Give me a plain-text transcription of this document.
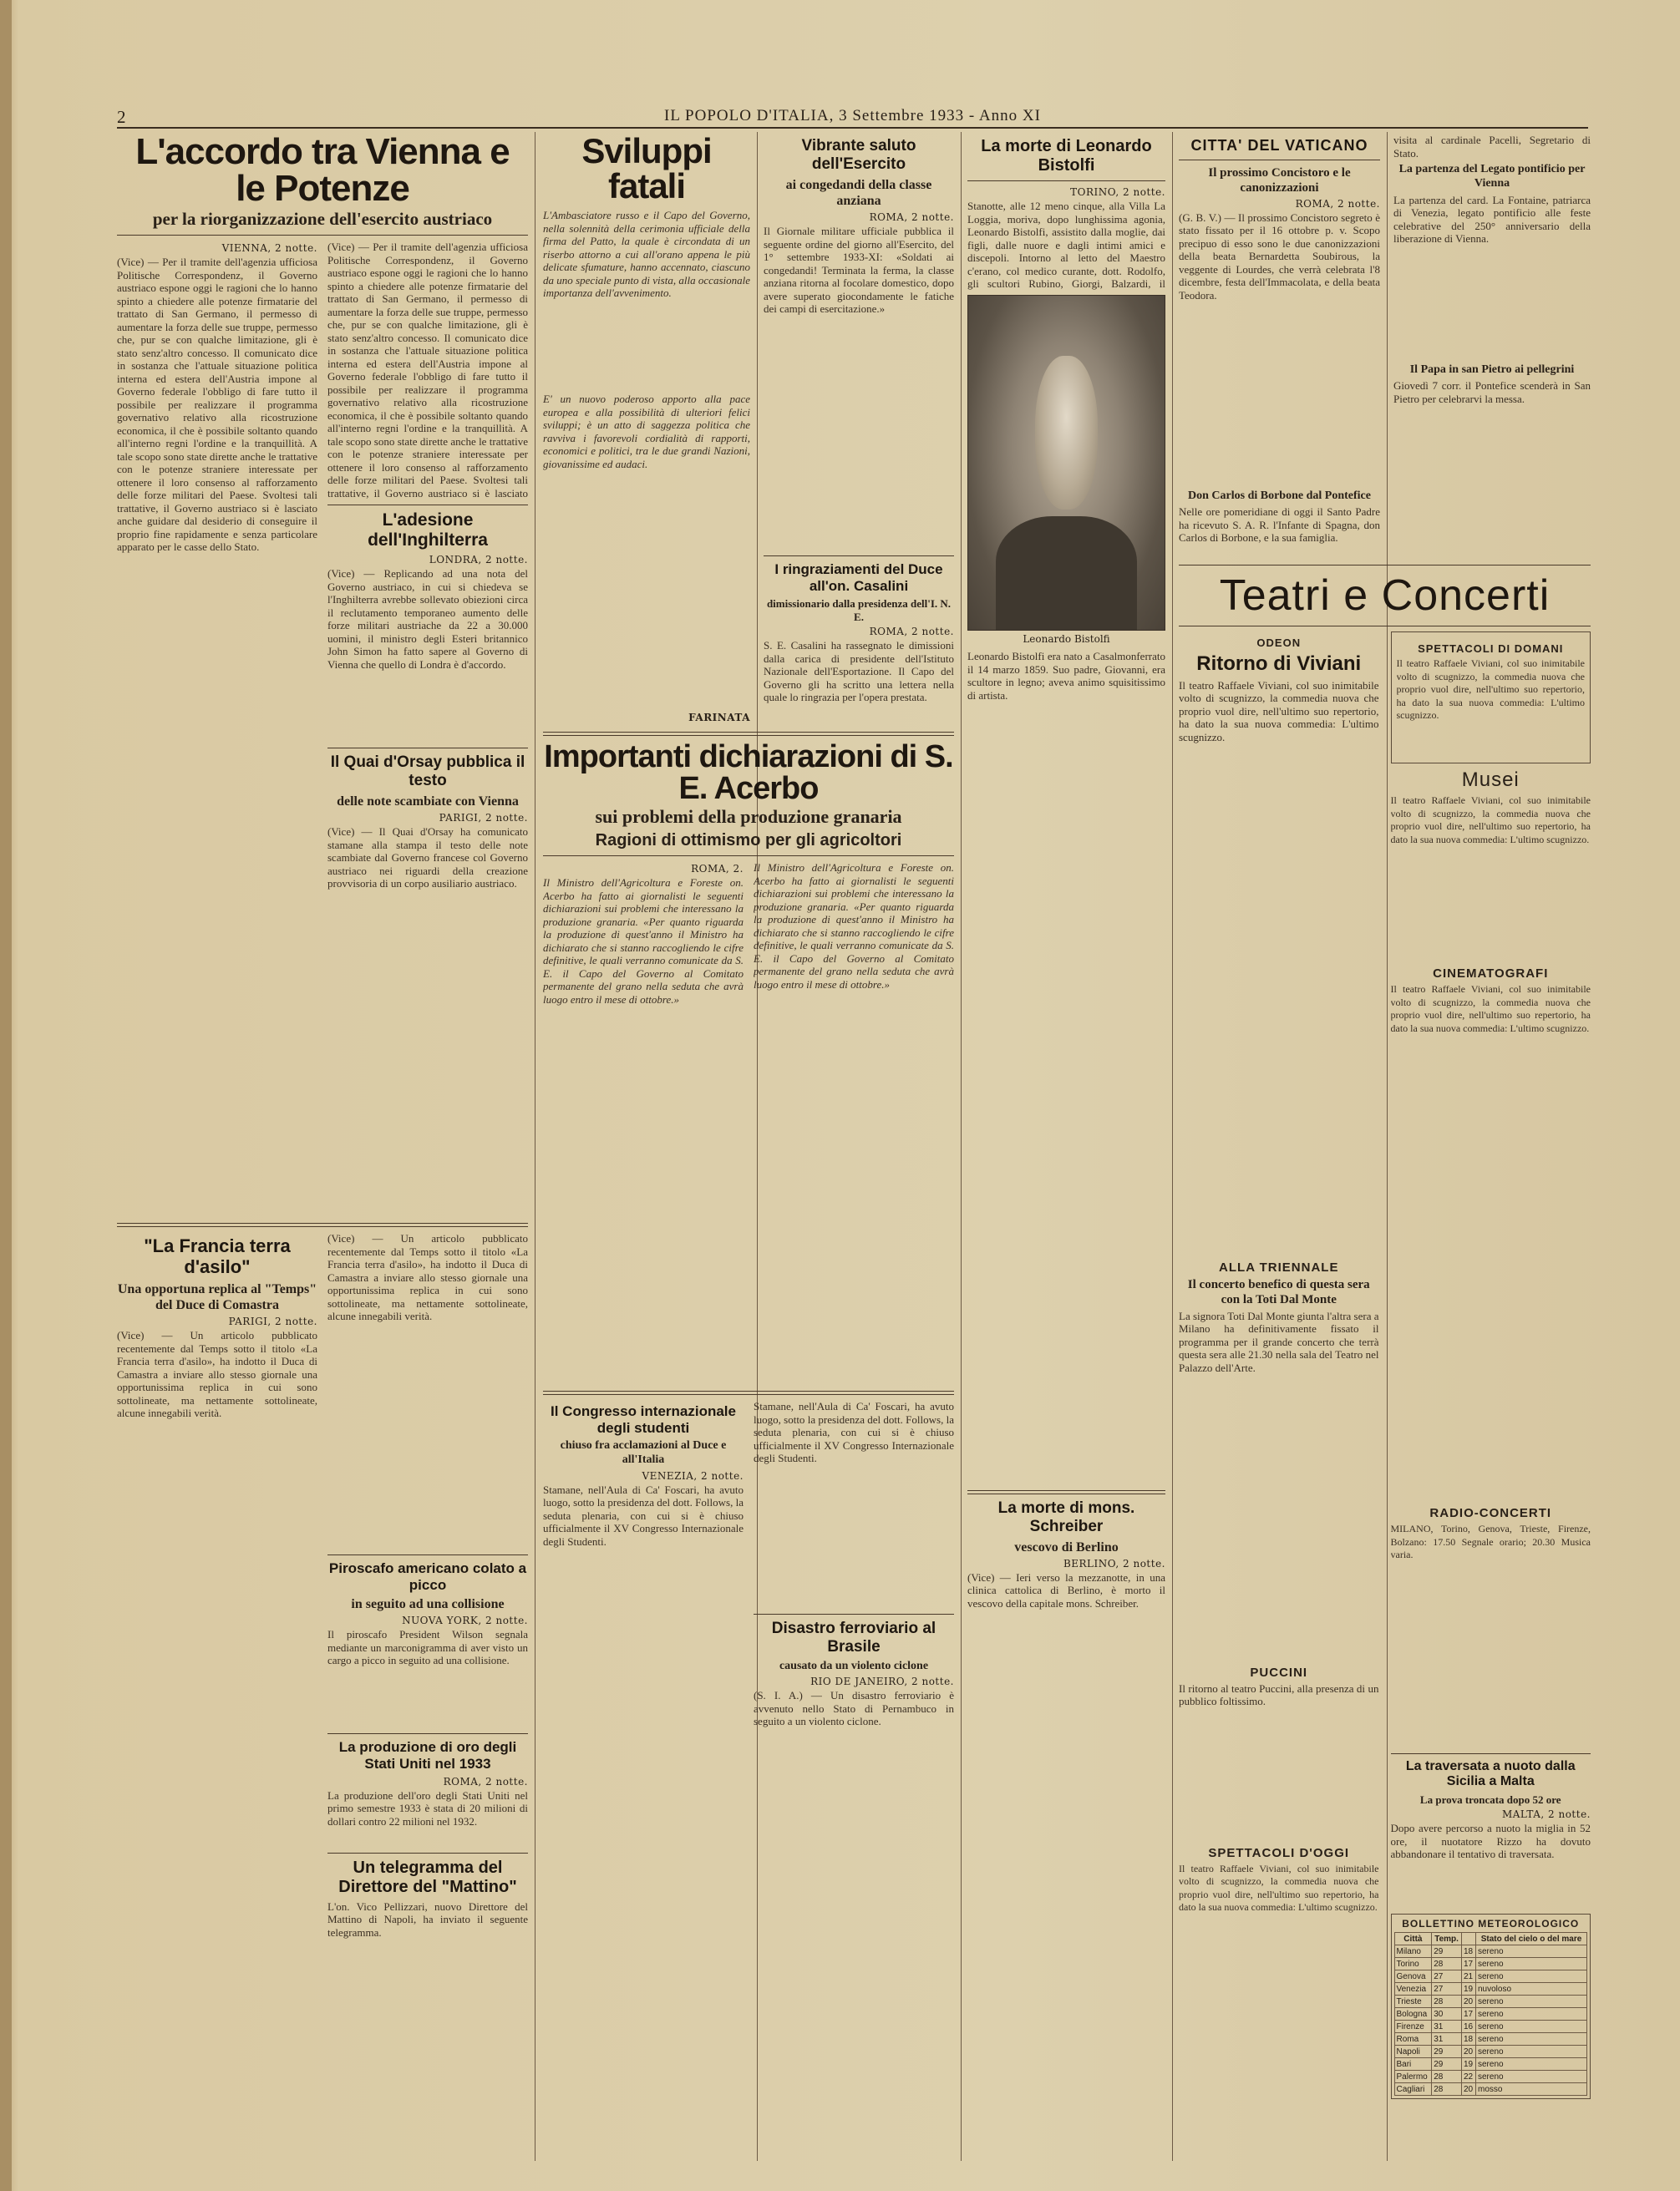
2	IL POPOLO D'ITALIA, 3 Settembre 1933 - Anno XI
L'accordo tra Vienna e le Potenze
per la riorganizzazione dell'esercito austriaco
VIENNA, 2 notte.

(Vice) — Per il tramite dell'agenzia ufficiosa Politische Correspondenz, il Governo austriaco espone oggi le ragioni che lo hanno spinto a chiedere alle potenze firmatarie del trattato di San Germano, il permesso di aumentare la forza delle sue truppe, permesso che, pur se con qualche limitazione, gli è stato senz'altro concesso. Il comunicato dice in sostanza che l'attuale situazione politica interna ed estera dell'Austria impone al Governo federale l'obbligo di fare tutto il possibile per realizzare il programma governativo relativo alla ricostruzione economica, il che è possibile soltanto quando all'interno regni l'ordine e la tranquillità. A tale scopo sono state dirette anche le trattative con le potenze straniere interessate per ottenere il loro consenso al rafforzamento delle forze militari del Paese. Svoltesi tali trattative, il Governo austriaco si è lasciato anche guidare dal desiderio di conseguire il proprio fine rapidamente e senza particolare apparato per le casse dello Stato.

(Vice) — Per il tramite dell'agenzia ufficiosa Politische Correspondenz, il Governo austriaco espone oggi le ragioni che lo hanno spinto a chiedere alle potenze firmatarie del trattato di San Germano, il permesso di aumentare la forza delle sue truppe, permesso che, pur se con qualche limitazione, gli è stato senz'altro concesso. Il comunicato dice in sostanza che l'attuale situazione politica interna ed estera dell'Austria impone al Governo federale l'obbligo di fare tutto il possibile per realizzare il programma governativo relativo alla ricostruzione economica, il che è possibile soltanto quando all'interno regni l'ordine e la tranquillità. A tale scopo sono state dirette anche le trattative con le potenze straniere interessate per ottenere il loro consenso al rafforzamento delle forze militari del Paese. Svoltesi tali trattative, il Governo austriaco si è lasciato

L'adesione dell'Inghilterra
LONDRA, 2 notte.

(Vice) — Replicando ad una nota del Governo austriaco, in cui si chiedeva se l'Inghilterra avrebbe sollevato obiezioni circa il reclutamento temporaneo aumento delle forze militari austriache da 22 a 30.000 uomini, il ministro degli Esteri britannico John Simon ha fatto sapere al Governo di Vienna che quello di Londra è d'accordo.

Il Quai d'Orsay pubblica il testo
delle note scambiate con Vienna
PARIGI, 2 notte.

(Vice) — Il Quai d'Orsay ha comunicato stamane alla stampa il testo delle note scambiate dal Governo francese col Governo austriaco nei riguardi della creazione provvisoria di un corpo ausiliario austriaco.

"La Francia terra d'asilo"
Una opportuna replica al "Temps" del Duce di Comastra
PARIGI, 2 notte.

(Vice) — Un articolo pubblicato recentemente dal Temps sotto il titolo «La Francia terra d'asilo», ha indotto il Duca di Camastra a inviare allo stesso giornale una opportunissima replica in cui sono sottolineate, ma nettamente sottolineate, alcune innegabili verità.

(Vice) — Un articolo pubblicato recentemente dal Temps sotto il titolo «La Francia terra d'asilo», ha indotto il Duca di Camastra a inviare allo stesso giornale una opportunissima replica in cui sono sottolineate, ma nettamente sottolineate, alcune innegabili verità.

Piroscafo americano colato a picco
in seguito ad una collisione
NUOVA YORK, 2 notte.

Il piroscafo President Wilson segnala mediante un marconigramma di aver visto un cargo a picco in seguito ad una collisione.

La produzione di oro degli Stati Uniti nel 1933
ROMA, 2 notte.

La produzione dell'oro degli Stati Uniti nel primo semestre 1933 è stata di 20 milioni di dollari contro 22 milioni nel 1932.

Un telegramma del Direttore del "Mattino"

L'on. Vico Pellizzari, nuovo Direttore del Mattino di Napoli, ha inviato il seguente telegramma.

Sviluppi fatali

L'Ambasciatore russo e il Capo del Governo, nella solennità della cerimonia ufficiale della firma del Patto, la quale è circondata di un riserbo attorno a cui all'orano appena le più delicate sfumature, hanno accennato, ciascuno da uno speciale punto di vista, alla occasionale importanza dell'avvenimento.

E' un nuovo poderoso apporto alla pace europea e alla possibilità di ulteriori felici sviluppi; è un atto di saggezza politica che ravviva i favorevoli cordialità di rapporti, economici e politici, tra le due grandi Nazioni, giovanissime ed audaci.

FARINATA
Vibrante saluto dell'Esercito
ai congedandi della classe anziana
ROMA, 2 notte.

Il Giornale militare ufficiale pubblica il seguente ordine del giorno all'Esercito, del 1° settembre 1933-XI: «Soldati ai congedandi! Terminata la ferma, la classe anziana ritorna al focolare domestico, dopo avere superato giocondamente le fatiche dei campi di esercitazione.»

I ringraziamenti del Duce all'on. Casalini
dimissionario dalla presidenza dell'I. N. E.
ROMA, 2 notte.

S. E. Casalini ha rassegnato le dimissioni dalla carica di presidente dell'Istituto Nazionale dell'Esportazione. Il Capo del Governo gli ha scritto una lettera nella quale lo ringrazia per l'opera prestata.

Importanti dichiarazioni di S. E. Acerbo
sui problemi della produzione granaria
Ragioni di ottimismo per gli agricoltori
ROMA, 2.

Il Ministro dell'Agricoltura e Foreste on. Acerbo ha fatto ai giornalisti le seguenti dichiarazioni sui problemi che interessano la produzione granaria. «Per quanto riguarda la produzione di quest'anno il Ministro ha dichiarato che si stanno raccogliendo le cifre definitive, le quali verranno comunicate da S. E. il Capo del Governo al Comitato permanente del grano nella seduta che avrà luogo entro il mese di ottobre.»

Il Ministro dell'Agricoltura e Foreste on. Acerbo ha fatto ai giornalisti le seguenti dichiarazioni sui problemi che interessano la produzione granaria. «Per quanto riguarda la produzione di quest'anno il Ministro ha dichiarato che si stanno raccogliendo le cifre definitive, le quali verranno comunicate da S. E. il Capo del Governo al Comitato permanente del grano nella seduta che avrà luogo entro il mese di ottobre.»

Il Congresso internazionale degli studenti
chiuso fra acclamazioni al Duce e all'Italia
VENEZIA, 2 notte.

Stamane, nell'Aula di Ca' Foscari, ha avuto luogo, sotto la presidenza del dott. Follows, la seduta plenaria, con cui si è chiuso ufficialmente il XV Congresso Internazionale degli Studenti.

Stamane, nell'Aula di Ca' Foscari, ha avuto luogo, sotto la presidenza del dott. Follows, la seduta plenaria, con cui si è chiuso ufficialmente il XV Congresso Internazionale degli Studenti.

Disastro ferroviario al Brasile
causato da un violento ciclone
RIO DE JANEIRO, 2 notte.

(S. I. A.) — Un disastro ferroviario è avvenuto nello Stato di Pernambuco in seguito a un violento ciclone.

La morte di Leonardo Bistolfi
TORINO, 2 notte.

Stanotte, alle 12 meno cinque, alla Villa La Loggia, moriva, dopo lunghissima agonia, Leonardo Bistolfi, assistito dalla moglie, dai figli, dalle nuore e dagli intimi amici e discepoli. Intorno al letto del Maestro c'erano, col medico curante, dott. Rodolfo, gli scultori Rubino, Giorgi, Balzardi, il

Leonardo Bistolfi

Leonardo Bistolfi era nato a Casalmonferrato il 14 marzo 1859. Suo padre, Giovanni, era scultore in legno; aveva animo squisitissimo di artista.

La morte di mons. Schreiber
vescovo di Berlino
BERLINO, 2 notte.

(Vice) — Ieri verso la mezzanotte, in una clinica cattolica di Berlino, è morto il vescovo della capitale mons. Schreiber.

CITTA' DEL VATICANO
Il prossimo Concistoro e le canonizzazioni
ROMA, 2 notte.

(G. B. V.) — Il prossimo Concistoro segreto è stato fissato per il 16 ottobre p. v. Scopo precipuo di esso sono le due canonizzazioni della beata Bernardetta Soubirous, la veggente di Lourdes, che verrà celebrata l'8 dicembre, festa dell'Immacolata, e della beata Teodora.

Don Carlos di Borbone dal Pontefice

Nelle ore pomeridiane di oggi il Santo Padre ha ricevuto S. A. R. l'Infante di Spagna, don Carlos di Borbone, e la sua famiglia.

visita al cardinale Pacelli, Segretario di Stato.

La partenza del Legato pontificio per Vienna

La partenza del card. La Fontaine, patriarca di Venezia, legato pontificio alle feste celebrative del 250° anniversario della liberazione di Vienna.

Il Papa in san Pietro ai pellegrini

Giovedì 7 corr. il Pontefice scenderà in San Pietro per celebrarvi la messa.

Teatri e Concerti
ODEON
Ritorno di Viviani

Il teatro Raffaele Viviani, col suo inimitabile volto di scugnizzo, la commedia nuova che proprio vuol dire, nell'ultimo suo repertorio, ha dato la sua nuova commedia: L'ultimo scugnizzo.

ALLA TRIENNALE
Il concerto benefico di questa sera con la Toti Dal Monte

La signora Toti Dal Monte giunta l'altra sera a Milano ha definitivamente fissato il programma per il grande concerto che terrà questa sera alle 21.30 nella sala del Teatro nel Palazzo dell'Arte.

PUCCINI

Il ritorno al teatro Puccini, alla presenza di un pubblico foltissimo.

SPETTACOLI D'OGGI

Il teatro Raffaele Viviani, col suo inimitabile volto di scugnizzo, la commedia nuova che proprio vuol dire, nell'ultimo suo repertorio, ha dato la sua nuova commedia: L'ultimo scugnizzo.

SPETTACOLI DI DOMANI

Il teatro Raffaele Viviani, col suo inimitabile volto di scugnizzo, la commedia nuova che proprio vuol dire, nell'ultimo suo repertorio, ha dato la sua nuova commedia: L'ultimo scugnizzo.

Musei

Il teatro Raffaele Viviani, col suo inimitabile volto di scugnizzo, la commedia nuova che proprio vuol dire, nell'ultimo suo repertorio, ha dato la sua nuova commedia: L'ultimo scugnizzo.

CINEMATOGRAFI

Il teatro Raffaele Viviani, col suo inimitabile volto di scugnizzo, la commedia nuova che proprio vuol dire, nell'ultimo suo repertorio, ha dato la sua nuova commedia: L'ultimo scugnizzo.

RADIO-CONCERTI

MILANO, Torino, Genova, Trieste, Firenze, Bolzano: 17.50 Segnale orario; 20.30 Musica varia.

La traversata a nuoto dalla Sicilia a Malta
La prova troncata dopo 52 ore
MALTA, 2 notte.

Dopo avere percorso a nuoto la miglia in 52 ore, il nuotatore Rizzo ha dovuto abbandonare il tentativo di traversata.

BOLLETTINO METEOROLOGICO
Città	Temp.		Stato del cielo o del mare
Milano	29	18	sereno
Torino	28	17	sereno
Genova	27	21	sereno
Venezia	27	19	nuvoloso
Trieste	28	20	sereno
Bologna	30	17	sereno
Firenze	31	16	sereno
Roma	31	18	sereno
Napoli	29	20	sereno
Bari	29	19	sereno
Palermo	28	22	sereno
Cagliari	28	20	mosso
